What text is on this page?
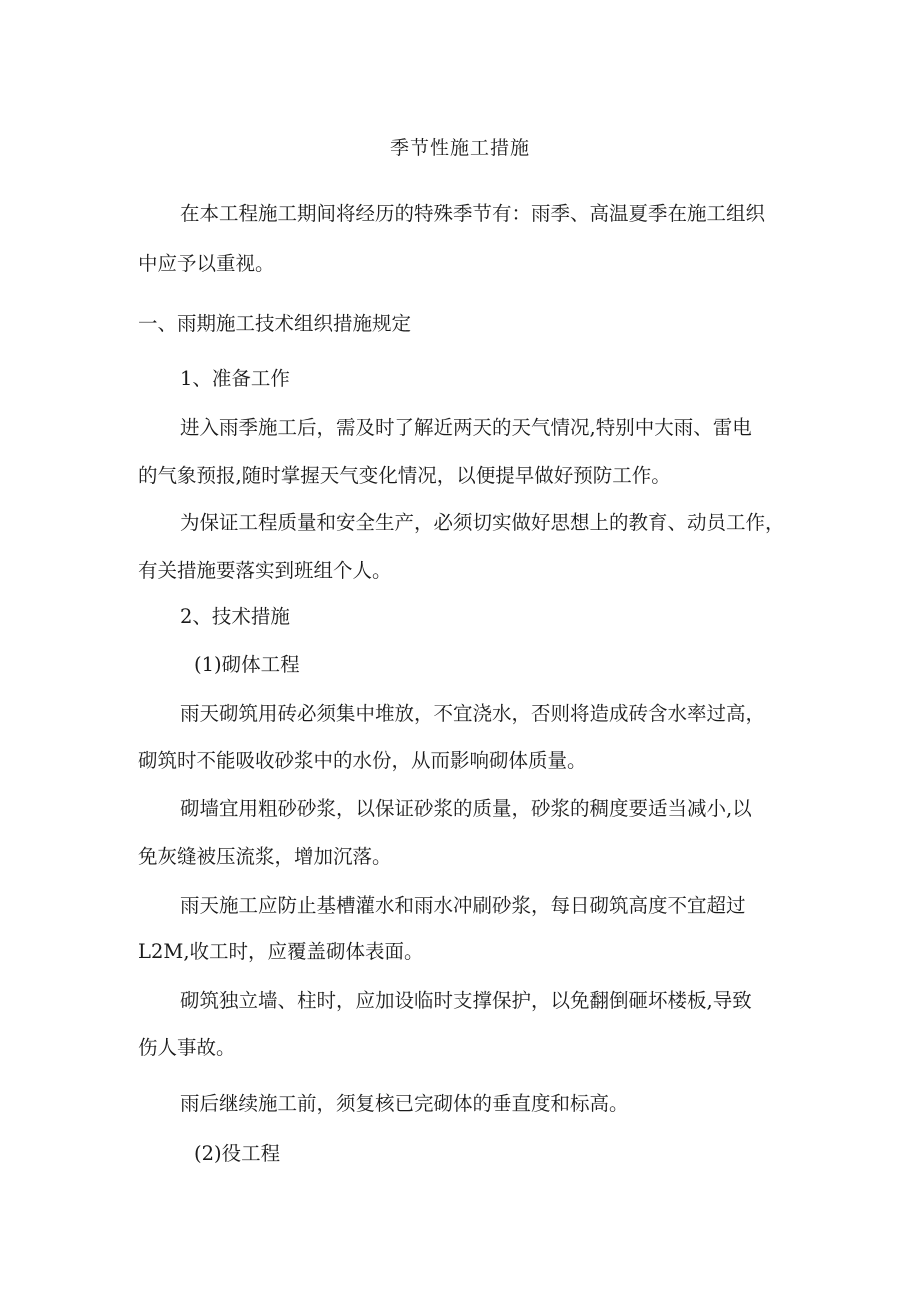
季节性施工措施
在本工程施工期间将经历的特殊季节有：雨季、高温夏季在施工组织
中应予以重视。
一、雨期施工技术组织措施规定
1、准备工作
进入雨季施工后，需及时了解近两天的天气情况,特别中大雨、雷电
的气象预报,随时掌握天气变化情况，以便提早做好预防工作。
为保证工程质量和安全生产，必须切实做好思想上的教育、动员工作，
有关措施要落实到班组个人。
2、技术措施
(1)砌体工程
雨天砌筑用砖必须集中堆放，不宜浇水，否则将造成砖含水率过高，
砌筑时不能吸收砂浆中的水份，从而影响砌体质量。
砌墙宜用粗砂砂浆，以保证砂浆的质量，砂浆的稠度要适当减小,以
免灰缝被压流浆，增加沉落。
雨天施工应防止基槽灌水和雨水冲刷砂浆，每日砌筑高度不宜超过
L2M,收工时，应覆盖砌体表面。
砌筑独立墙、柱时，应加设临时支撑保护，以免翻倒砸坏楼板,导致
伤人事故。
雨后继续施工前，须复核已完砌体的垂直度和标高。
(2)役工程
